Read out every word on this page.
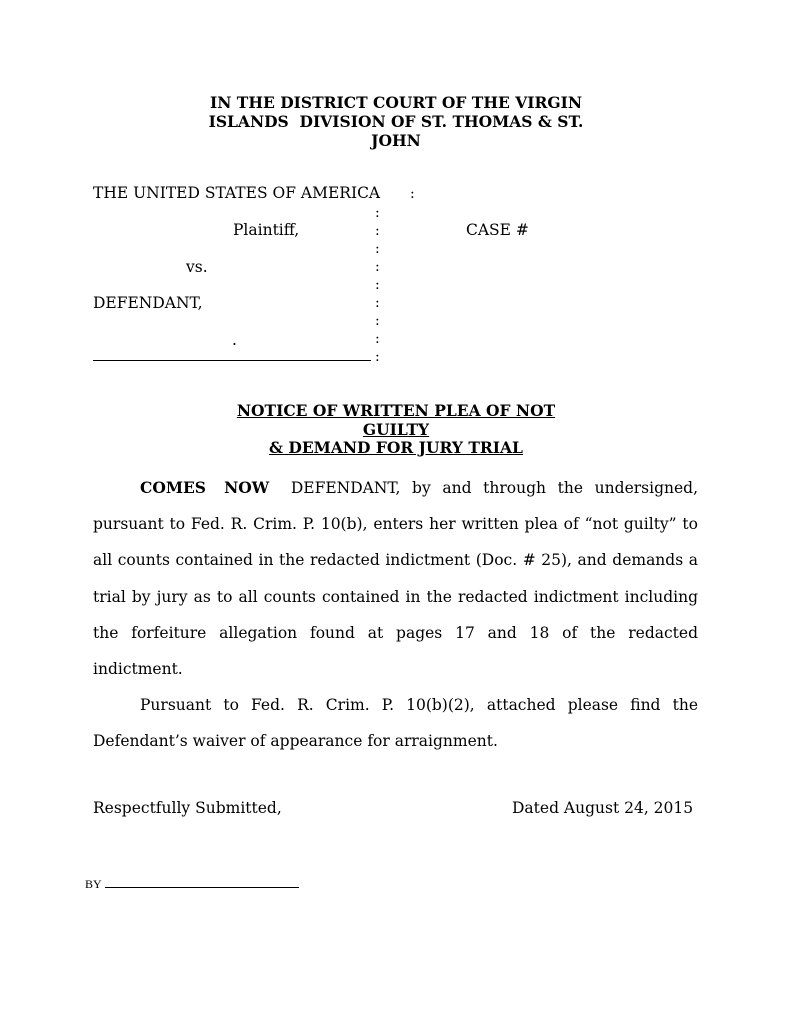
IN THE DISTRICT COURT OF THE VIRGIN
ISLANDS  DIVISION OF ST. THOMAS & ST.
JOHN
THE UNITED STATES OF AMERICA
Plaintiff,
vs.
DEFENDANT,
.
CASE #
:
:
:
:
:
:
:
:
:
:
NOTICE OF WRITTEN PLEA OF NOT
GUILTY
& DEMAND FOR JURY TRIAL

COMES NOW DEFENDANT, by and through the undersigned, pursuant to Fed. R. Crim. P. 10(b), enters her written plea of “not guilty” to all counts contained in the redacted indictment (Doc. # 25), and demands a trial by jury as to all counts contained in the redacted indictment including the forfeiture allegation found at pages 17 and 18 of the redacted indictment.

Pursuant to Fed. R. Crim. P. 10(b)(2), attached please find the Defendant’s waiver of appearance for arraignment.

Respectfully Submitted,	Dated August 24, 2015
BY
